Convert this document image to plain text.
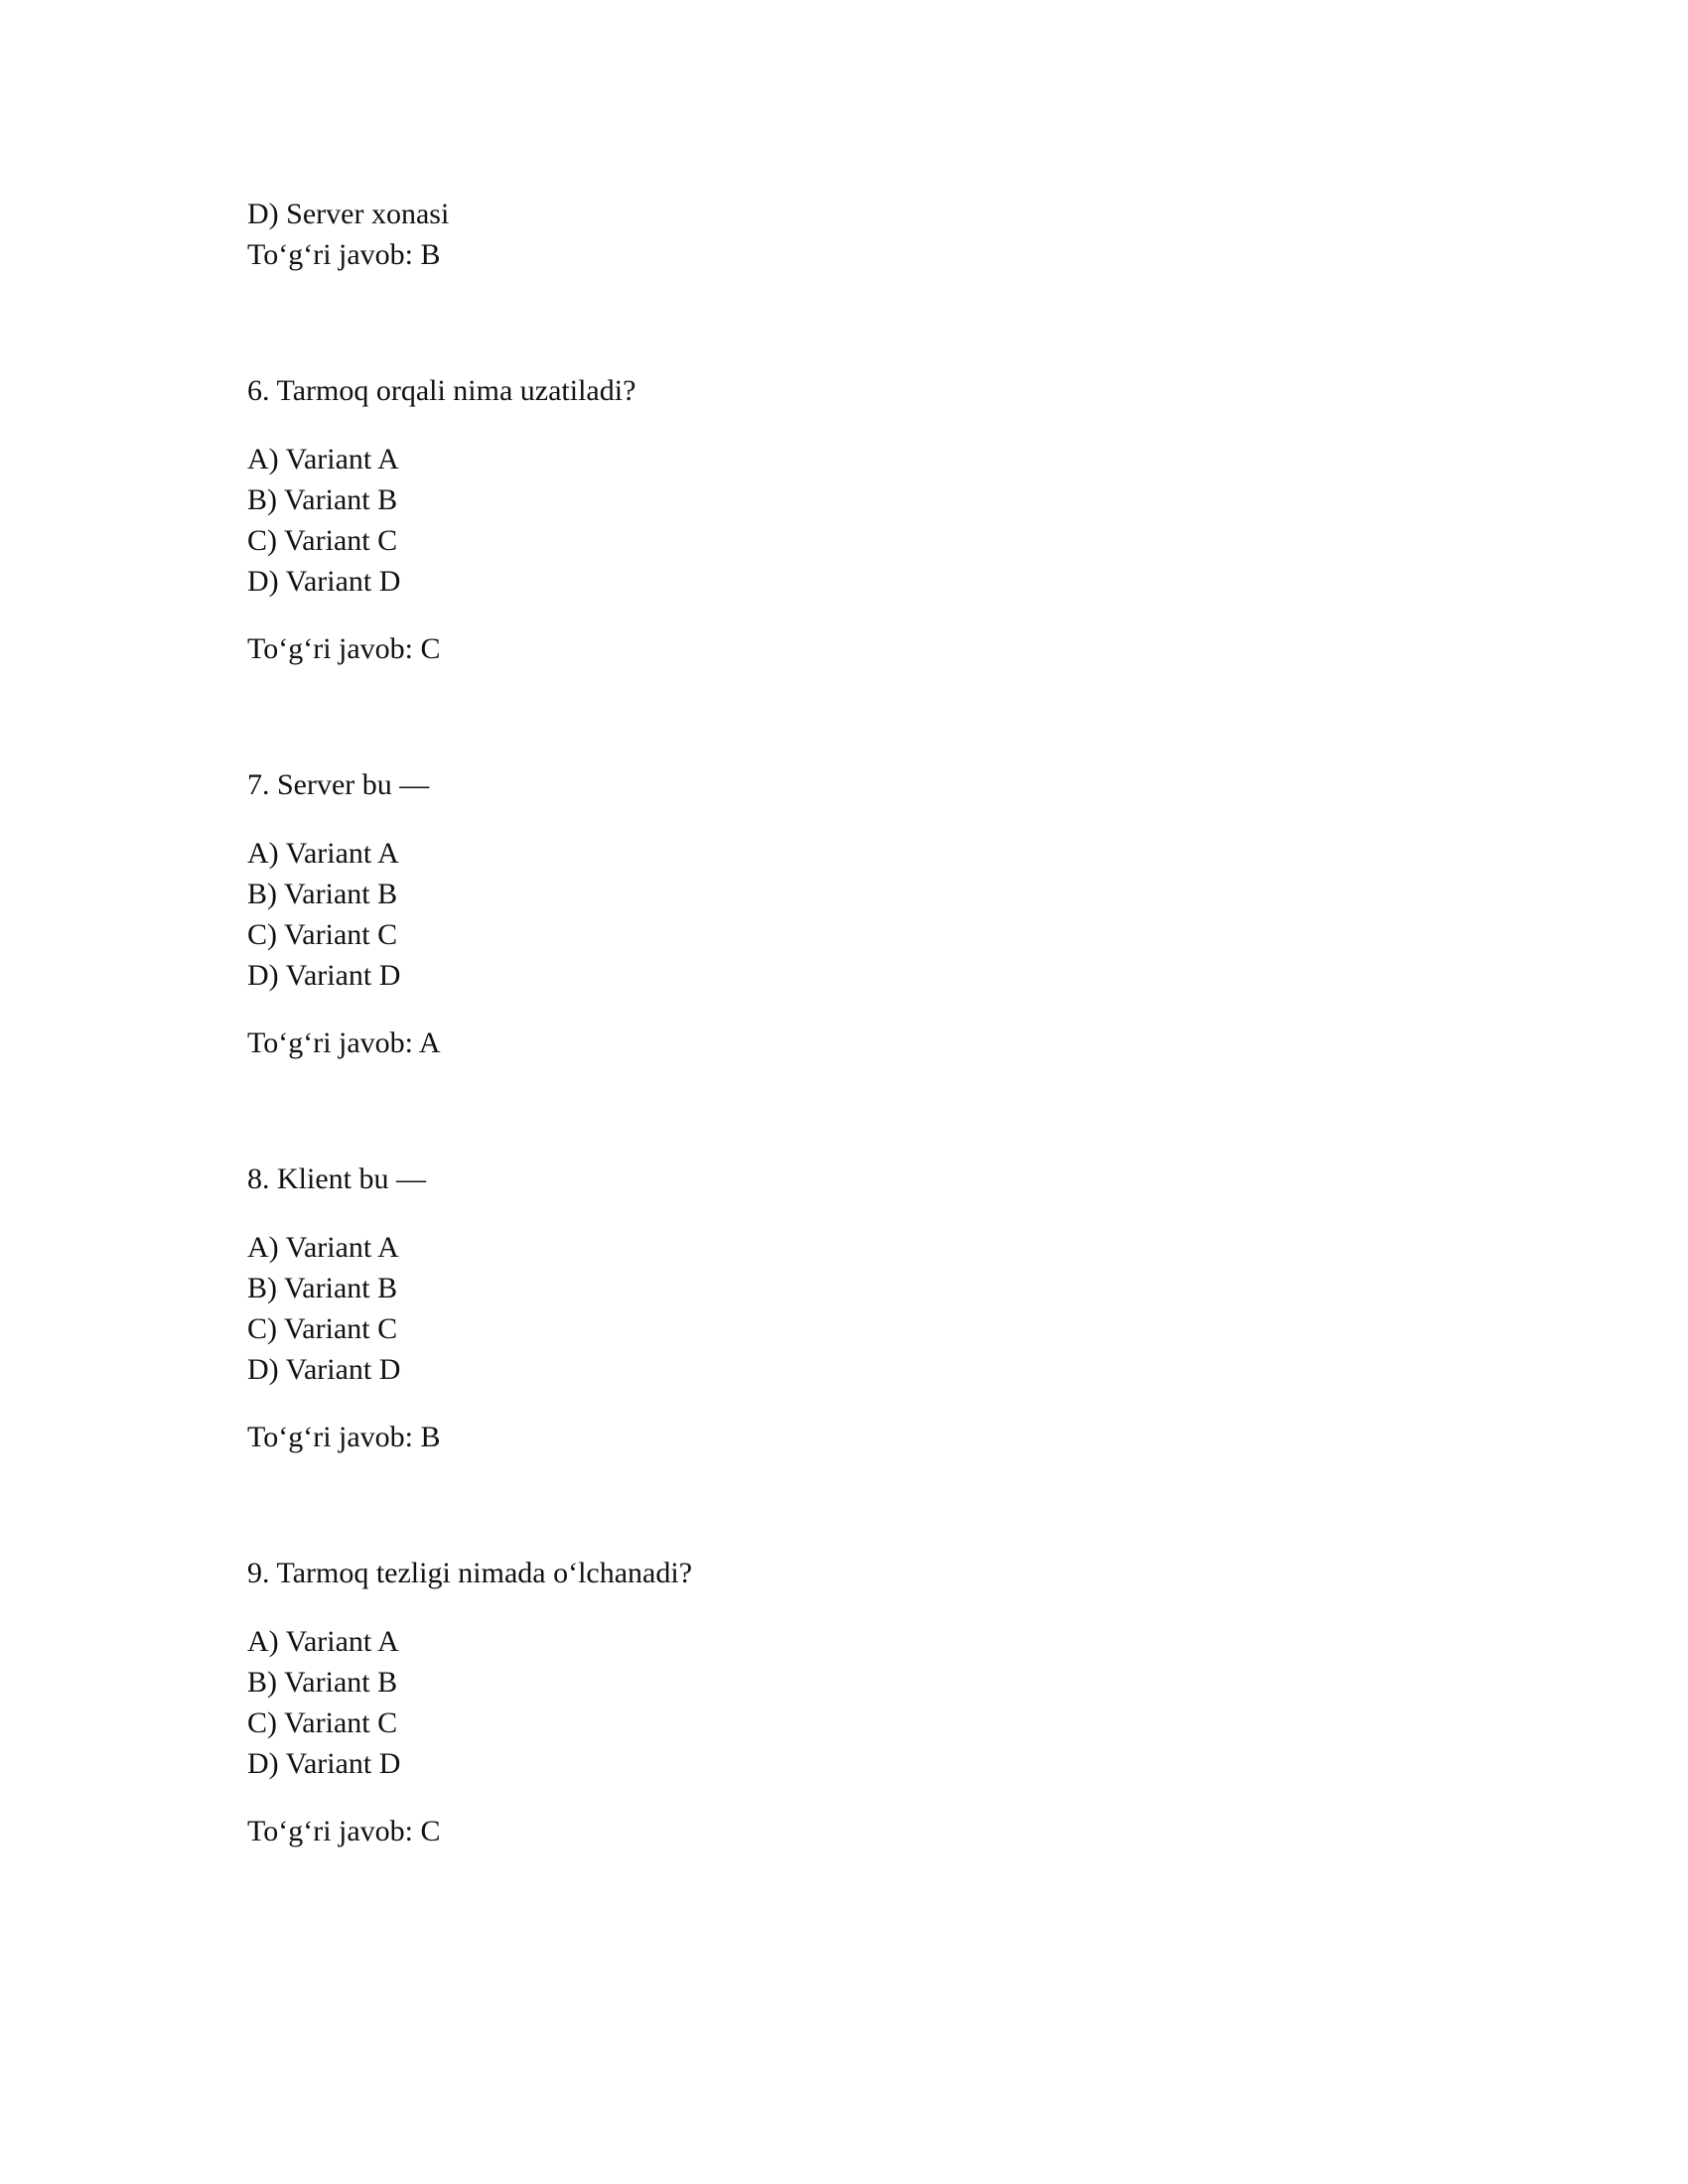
D) Server xonasi
To‘g‘ri javob: B
6. Tarmoq orqali nima uzatiladi?
A) Variant A
B) Variant B
C) Variant C
D) Variant D
To‘g‘ri javob: C
7. Server bu —
A) Variant A
B) Variant B
C) Variant C
D) Variant D
To‘g‘ri javob: A
8. Klient bu —
A) Variant A
B) Variant B
C) Variant C
D) Variant D
To‘g‘ri javob: B
9. Tarmoq tezligi nimada o‘lchanadi?
A) Variant A
B) Variant B
C) Variant C
D) Variant D
To‘g‘ri javob: C
